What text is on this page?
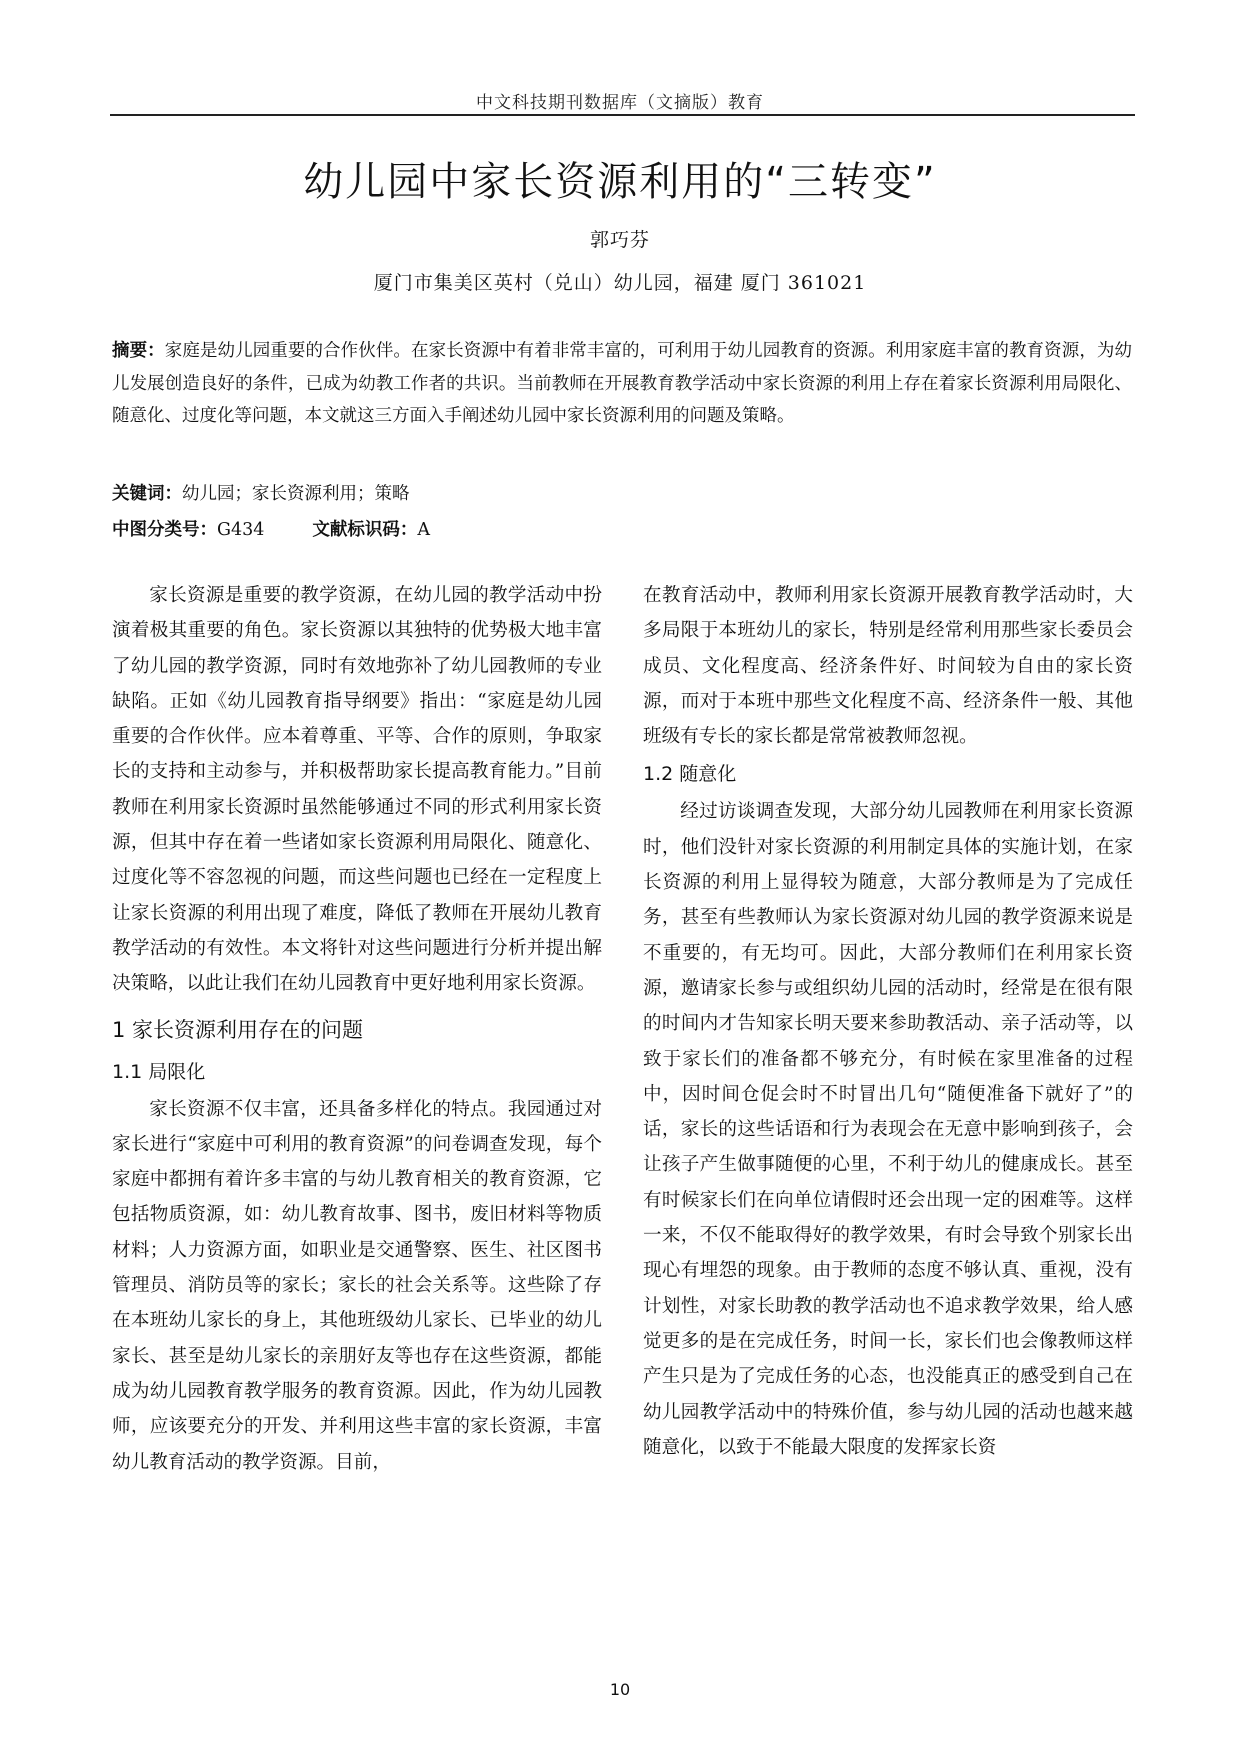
中文科技期刊数据库（文摘版）教育
幼儿园中家长资源利用的“三转变”
郭巧芬
厦门市集美区英村（兑山）幼儿园，福建 厦门 361021
摘要：家庭是幼儿园重要的合作伙伴。在家长资源中有着非常丰富的，可利用于幼儿园教育的资源。利用家庭丰富的教育资源，为幼儿发展创造良好的条件，已成为幼教工作者的共识。当前教师在开展教育教学活动中家长资源的利用上存在着家长资源利用局限化、随意化、过度化等问题，本文就这三方面入手阐述幼儿园中家长资源利用的问题及策略。
关键词：幼儿园；家长资源利用；策略
中图分类号：G434	文献标识码：A

家长资源是重要的教学资源，在幼儿园的教学活动中扮演着极其重要的角色。家长资源以其独特的优势极大地丰富了幼儿园的教学资源，同时有效地弥补了幼儿园教师的专业缺陷。正如《幼儿园教育指导纲要》指出：“家庭是幼儿园重要的合作伙伴。应本着尊重、平等、合作的原则，争取家长的支持和主动参与，并积极帮助家长提高教育能力。”目前教师在利用家长资源时虽然能够通过不同的形式利用家长资源，但其中存在着一些诸如家长资源利用局限化、随意化、过度化等不容忽视的问题，而这些问题也已经在一定程度上让家长资源的利用出现了难度，降低了教师在开展幼儿教育教学活动的有效性。本文将针对这些问题进行分析并提出解决策略，以此让我们在幼儿园教育中更好地利用家长资源。

1 家长资源利用存在的问题
1.1 局限化

家长资源不仅丰富，还具备多样化的特点。我园通过对家长进行“家庭中可利用的教育资源”的问卷调查发现，每个家庭中都拥有着许多丰富的与幼儿教育相关的教育资源，它包括物质资源，如：幼儿教育故事、图书，废旧材料等物质材料；人力资源方面，如职业是交通警察、医生、社区图书管理员、消防员等的家长；家长的社会关系等。这些除了存在本班幼儿家长的身上，其他班级幼儿家长、已毕业的幼儿家长、甚至是幼儿家长的亲朋好友等也存在这些资源，都能成为幼儿园教育教学服务的教育资源。因此，作为幼儿园教师，应该要充分的开发、并利用这些丰富的家长资源，丰富幼儿教育活动的教学资源。目前，

在教育活动中，教师利用家长资源开展教育教学活动时，大多局限于本班幼儿的家长，特别是经常利用那些家长委员会成员、文化程度高、经济条件好、时间较为自由的家长资源，而对于本班中那些文化程度不高、经济条件一般、其他班级有专长的家长都是常常被教师忽视。

1.2 随意化

经过访谈调查发现，大部分幼儿园教师在利用家长资源时，他们没针对家长资源的利用制定具体的实施计划，在家长资源的利用上显得较为随意，大部分教师是为了完成任务，甚至有些教师认为家长资源对幼儿园的教学资源来说是不重要的，有无均可。因此，大部分教师们在利用家长资源，邀请家长参与或组织幼儿园的活动时，经常是在很有限的时间内才告知家长明天要来参助教活动、亲子活动等，以致于家长们的准备都不够充分，有时候在家里准备的过程中，因时间仓促会时不时冒出几句“随便准备下就好了”的话，家长的这些话语和行为表现会在无意中影响到孩子，会让孩子产生做事随便的心里，不利于幼儿的健康成长。甚至有时候家长们在向单位请假时还会出现一定的困难等。这样一来，不仅不能取得好的教学效果，有时会导致个别家长出现心有埋怨的现象。由于教师的态度不够认真、重视，没有计划性，对家长助教的教学活动也不追求教学效果，给人感觉更多的是在完成任务，时间一长，家长们也会像教师这样产生只是为了完成任务的心态，也没能真正的感受到自己在幼儿园教学活动中的特殊价值，参与幼儿园的活动也越来越随意化，以致于不能最大限度的发挥家长资

10
